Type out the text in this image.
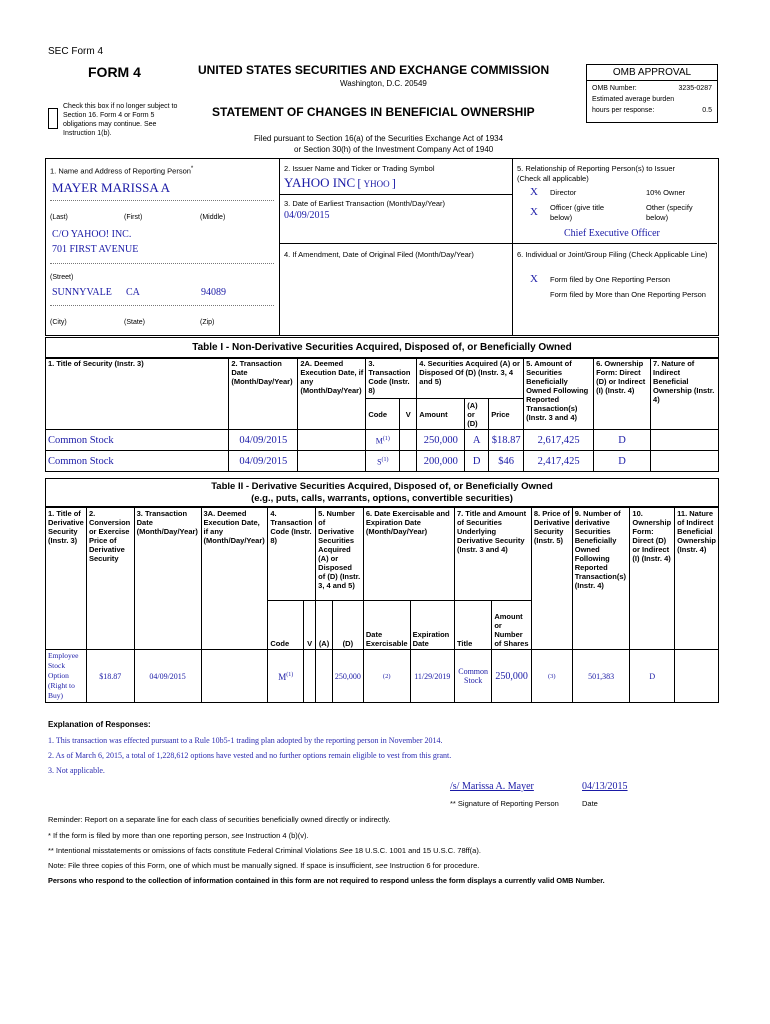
SEC Form 4
FORM 4	UNITED STATES SECURITIES AND EXCHANGE COMMISSION
Washington, D.C. 20549
Check this box if no longer subject to Section 16. Form 4 or Form 5 obligations may continue. See Instruction 1(b).
STATEMENT OF CHANGES IN BENEFICIAL OWNERSHIP
Filed pursuant to Section 16(a) of the Securities Exchange Act of 1934
or Section 30(h) of the Investment Company Act of 1940
OMB APPROVAL
OMB Number:	3235-0287
Estimated average burden
hours per response:	0.5
1. Name and Address of Reporting Person*
MAYER MARISSA A
(Last)	(First)	(Middle)
C/O YAHOO! INC.
701 FIRST AVENUE
(Street)
SUNNYVALE CA	94089
(City)	(State)	(Zip)
2. Issuer Name and Ticker or Trading Symbol
YAHOO INC [ YHOO ]
3. Date of Earliest Transaction (Month/Day/Year)
04/09/2015
4. If Amendment, Date of Original Filed (Month/Day/Year)
5. Relationship of Reporting Person(s) to Issuer
(Check all applicable)
X Director	10% Owner
X Officer (give title below)
Other (specify below)
Chief Executive Officer
6. Individual or Joint/Group Filing (Check Applicable Line)
X Form filed by One Reporting Person
Form filed by More than One Reporting Person
Table I - Non-Derivative Securities Acquired, Disposed of, or Beneficially Owned
1. Title of Security (Instr. 3)	2. Transaction Date (Month/Day/Year)	2A. Deemed Execution Date, if any (Month/Day/Year)	3. Transaction Code (Instr. 8)		4. Securities Acquired (A) or Disposed Of (D) (Instr. 3, 4 and 5)			5. Amount of Securities Beneficially Owned Following Reported Transaction(s) (Instr. 3 and 4)	6. Ownership Form: Direct (D) or Indirect (I) (Instr. 4)	7. Nature of Indirect Beneficial Ownership (Instr. 4)
			Code	V	Amount	(A) or (D)	Price			
Common Stock	04/09/2015		$M^{(1)}$		250,000	A	$18.87	2,617,425	D	
Common Stock	04/09/2015		$S^{(1)}$		200,000	D	$46	2,417,425	D	
Table II - Derivative Securities Acquired, Disposed of, or Beneficially Owned
(e.g., puts, calls, warrants, options, convertible securities)
1. Title of Derivative Security (Instr. 3)	2. Conversion or Exercise Price of Derivative Security	3. Transaction Date (Month/Day/Year)	3A. Deemed Execution Date, if any (Month/Day/Year)	4. Transaction Code (Instr. 8)		5. Number of Derivative Securities Acquired (A) or Disposed of (D) (Instr. 3, 4 and 5)		6. Date Exercisable and Expiration Date (Month/Day/Year)		7. Title and Amount of Securities Underlying Derivative Security (Instr. 3 and 4)		8. Price of Derivative Security (Instr. 5)	9. Number of derivative Securities Beneficially Owned Following Reported Transaction(s) (Instr. 4)	10. Ownership Form: Direct (D) or Indirect (I) (Instr. 4)	11. Nature of Indirect Beneficial Ownership (Instr. 4)
				Code	V	(A)	(D)	Date Exercisable	Expiration Date	Title	Amount or Number of Shares				
Employee Stock Option (Right to Buy)	$18.87	04/09/2015		$M^{(1)}$			250,000	(2)	11/29/2019	Common Stock	250,000	(3)	501,383	D	
Explanation of Responses:
1. This transaction was effected pursuant to a Rule 10b5-1 trading plan adopted by the reporting person in November 2014.
2. As of March 6, 2015, a total of 1,228,612 options have vested and no further options remain eligible to vest from this grant.
3. Not applicable.
/s/ Marissa A. Mayer	04/13/2015
** Signature of Reporting Person	Date
Reminder: Report on a separate line for each class of securities beneficially owned directly or indirectly.
* If the form is filed by more than one reporting person, see Instruction 4 (b)(v).
** Intentional misstatements or omissions of facts constitute Federal Criminal Violations See 18 U.S.C. 1001 and 15 U.S.C. 78ff(a).
Note: File three copies of this Form, one of which must be manually signed. If space is insufficient, see Instruction 6 for procedure.
Persons who respond to the collection of information contained in this form are not required to respond unless the form displays a currently valid OMB Number.
